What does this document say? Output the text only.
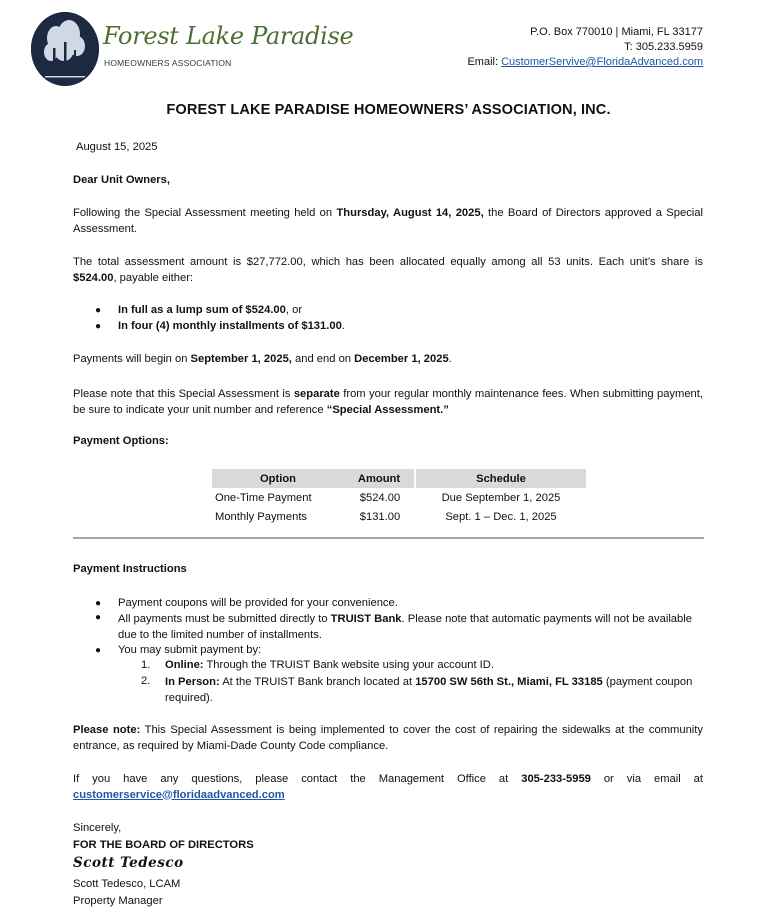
Forest Lake Paradise
HOMEOWNERS ASSOCIATION
P.O. Box 770010 | Miami, FL 33177
T: 305.233.5959
Email: CustomerServive@FloridaAdvanced.com
FOREST LAKE PARADISE HOMEOWNERS’ ASSOCIATION, INC.
August 15, 2025
Dear Unit Owners,
Following the Special Assessment meeting held on Thursday, August 14, 2025, the Board of Directors approved a Special Assessment.
The total assessment amount is $27,772.00, which has been allocated equally among all 53 units. Each unit’s share is $524.00, payable either:
● In full as a lump sum of $524.00, or
● In four (4) monthly installments of $131.00.
Payments will begin on September 1, 2025, and end on December 1, 2025.
Please note that this Special Assessment is separate from your regular monthly maintenance fees. When submitting payment, be sure to indicate your unit number and reference “Special Assessment.”
Payment Options:
Option	Amount	Schedule
One-Time Payment	$524.00	Due September 1, 2025
Monthly Payments	$131.00	Sept. 1 – Dec. 1, 2025
Payment Instructions
● Payment coupons will be provided for your convenience.
● All payments must be submitted directly to TRUIST Bank. Please note that automatic payments will not be available due to the limited number of installments.
● You may submit payment by:
1. Online: Through the TRUIST Bank website using your account ID.
2. In Person: At the TRUIST Bank branch located at 15700 SW 56th St., Miami, FL 33185 (payment coupon required).
Please note: This Special Assessment is being implemented to cover the cost of repairing the sidewalks at the community entrance, as required by Miami-Dade County Code compliance.
If you have any questions, please contact the Management Office at 305-233-5959 or via email at customerservice@floridaadvanced.com
Sincerely,
FOR THE BOARD OF DIRECTORS
Scott Tedesco
Scott Tedesco, LCAM
Property Manager
